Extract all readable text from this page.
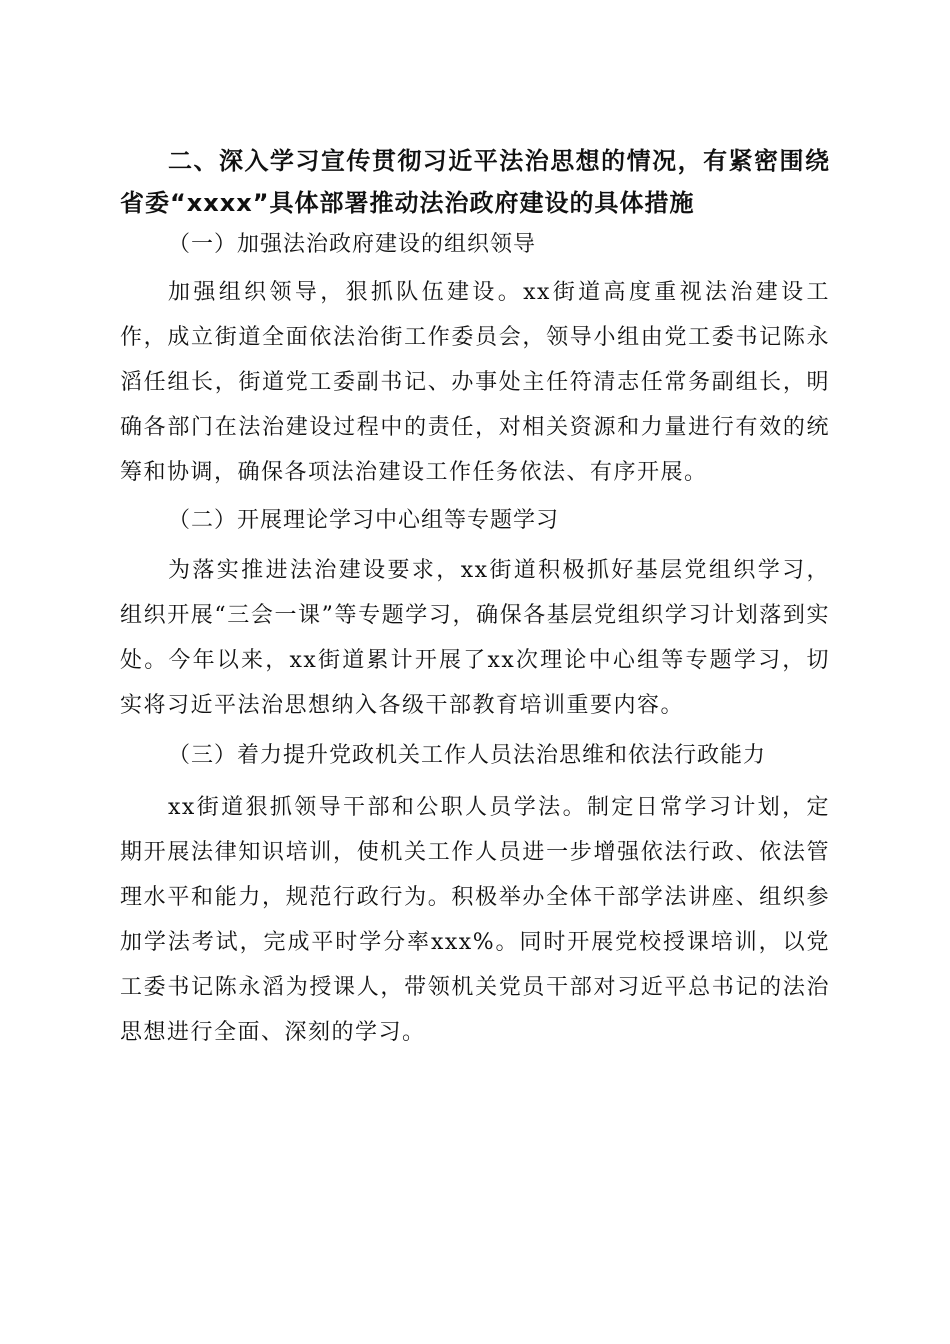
二、深入学习宣传贯彻习近平法治思想的情况，有紧密围绕省委“xxxx”具体部署推动法治政府建设的具体措施

（一）加强法治政府建设的组织领导

加强组织领导，狠抓队伍建设。xx街道高度重视法治建设工作，成立街道全面依法治街工作委员会，领导小组由党工委书记陈永滔任组长，街道党工委副书记、办事处主任符清志任常务副组长，明确各部门在法治建设过程中的责任，对相关资源和力量进行有效的统筹和协调，确保各项法治建设工作任务依法、有序开展。

（二）开展理论学习中心组等专题学习

为落实推进法治建设要求，xx街道积极抓好基层党组织学习，组织开展“三会一课”等专题学习，确保各基层党组织学习计划落到实处。今年以来，xx街道累计开展了xx次理论中心组等专题学习，切实将习近平法治思想纳入各级干部教育培训重要内容。

（三）着力提升党政机关工作人员法治思维和依法行政能力

xx街道狠抓领导干部和公职人员学法。制定日常学习计划，定期开展法律知识培训，使机关工作人员进一步增强依法行政、依法管理水平和能力，规范行政行为。积极举办全体干部学法讲座、组织参加学法考试，完成平时学分率xxx%。同时开展党校授课培训，以党工委书记陈永滔为授课人，带领机关党员干部对习近平总书记的法治思想进行全面、深刻的学习。
